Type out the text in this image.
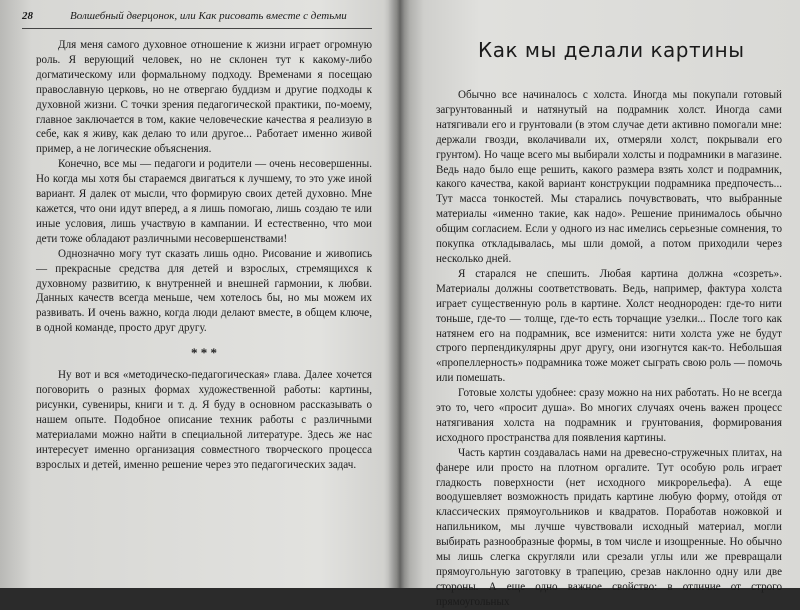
28	Волшебный дверцонок, или Как рисовать вместе с детьми

Для меня самого духовное отношение к жизни играет огромную роль. Я верующий человек, но не склонен тут к какому-либо догматическому или формальному подходу. Временами я посещаю православную церковь, но не отвергаю буддизм и другие подходы к духовной жизни. С точки зрения педагогической практики, по-моему, главное заключается в том, какие человеческие качества я реализую в себе, как я живу, как делаю то или другое... Работает именно живой пример, а не логические объяснения.

Конечно, все мы — педагоги и родители — очень несовершенны. Но когда мы хотя бы стараемся двигаться к лучшему, то это уже иной вариант. Я далек от мысли, что формирую своих детей духовно. Мне кажется, что они идут вперед, а я лишь помогаю, лишь создаю те или иные условия, лишь участвую в кампании. И естественно, что мои дети тоже обладают различными несовершенствами!

Однозначно могу тут сказать лишь одно. Рисование и живопись — прекрасные средства для детей и взрослых, стремящихся к духовному развитию, к внутренней и внешней гармонии, к любви. Данных качеств всегда меньше, чем хотелось бы, но мы можем их развивать. И очень важно, когда люди делают вместе, в общем ключе, в одной команде, просто друг другу.

* * *

Ну вот и вся «методическо-педагогическая» глава. Далее хочется поговорить о разных формах художественной работы: картины, рисунки, сувениры, книги и т. д. Я буду в основном рассказывать о нашем опыте. Подобное описание техник работы с различными материалами можно найти в специальной литературе. Здесь же нас интересует именно организация совместного творческого процесса взрослых и детей, именно решение через это педагогических задач.

Как мы делали картины

Обычно все начиналось с холста. Иногда мы покупали готовый загрунтованный и натянутый на подрамник холст. Иногда сами натягивали его и грунтовали (в этом случае дети активно помогали мне: держали гвозди, вколачивали их, отмеряли холст, покрывали его грунтом). Но чаще всего мы выбирали холсты и подрамники в магазине. Ведь надо было еще решить, какого размера взять холст и подрамник, какого качества, какой вариант конструкции подрамника предпочесть... Тут масса тонкостей. Мы старались почувствовать, что выбранные материалы «именно такие, как надо». Решение принималось обычно общим согласием. Если у одного из нас имелись серьезные сомнения, то покупка откладывалась, мы шли домой, а потом приходили через несколько дней.

Я старался не спешить. Любая картина должна «созреть». Материалы должны соответствовать. Ведь, например, фактура холста играет существенную роль в картине. Холст неоднороден: где-то нити тоньше, где-то — толще, где-то есть торчащие узелки... После того как натянем его на подрамник, все изменится: нити холста уже не будут строго перпендикулярны друг другу, они изогнутся как-то. Небольшая «пропеллерность» подрамника тоже может сыграть свою роль — помочь или помешать.

Готовые холсты удобнее: сразу можно на них работать. Но не всегда это то, чего «просит душа». Во многих случаях очень важен процесс натягивания холста на подрамник и грунтования, формирования исходного пространства для появления картины.

Часть картин создавалась нами на древесно-стружечных плитах, на фанере или просто на плотном оргалите. Тут особую роль играет гладкость поверхности (нет исходного микрорельефа). А еще воодушевляет возможность придать картине любую форму, отойдя от классических прямоугольников и квадратов. Поработав ножовкой и напильником, мы лучше чувствовали исходный материал, могли выбирать разнообразные формы, в том числе и изощренные. Но обычно мы лишь слегка скругляли или срезали углы или же превращали прямоугольную заготовку в трапецию, срезав наклонно одну или две стороны. А еще одно важное свойство: в отличие от строго прямоугольных
